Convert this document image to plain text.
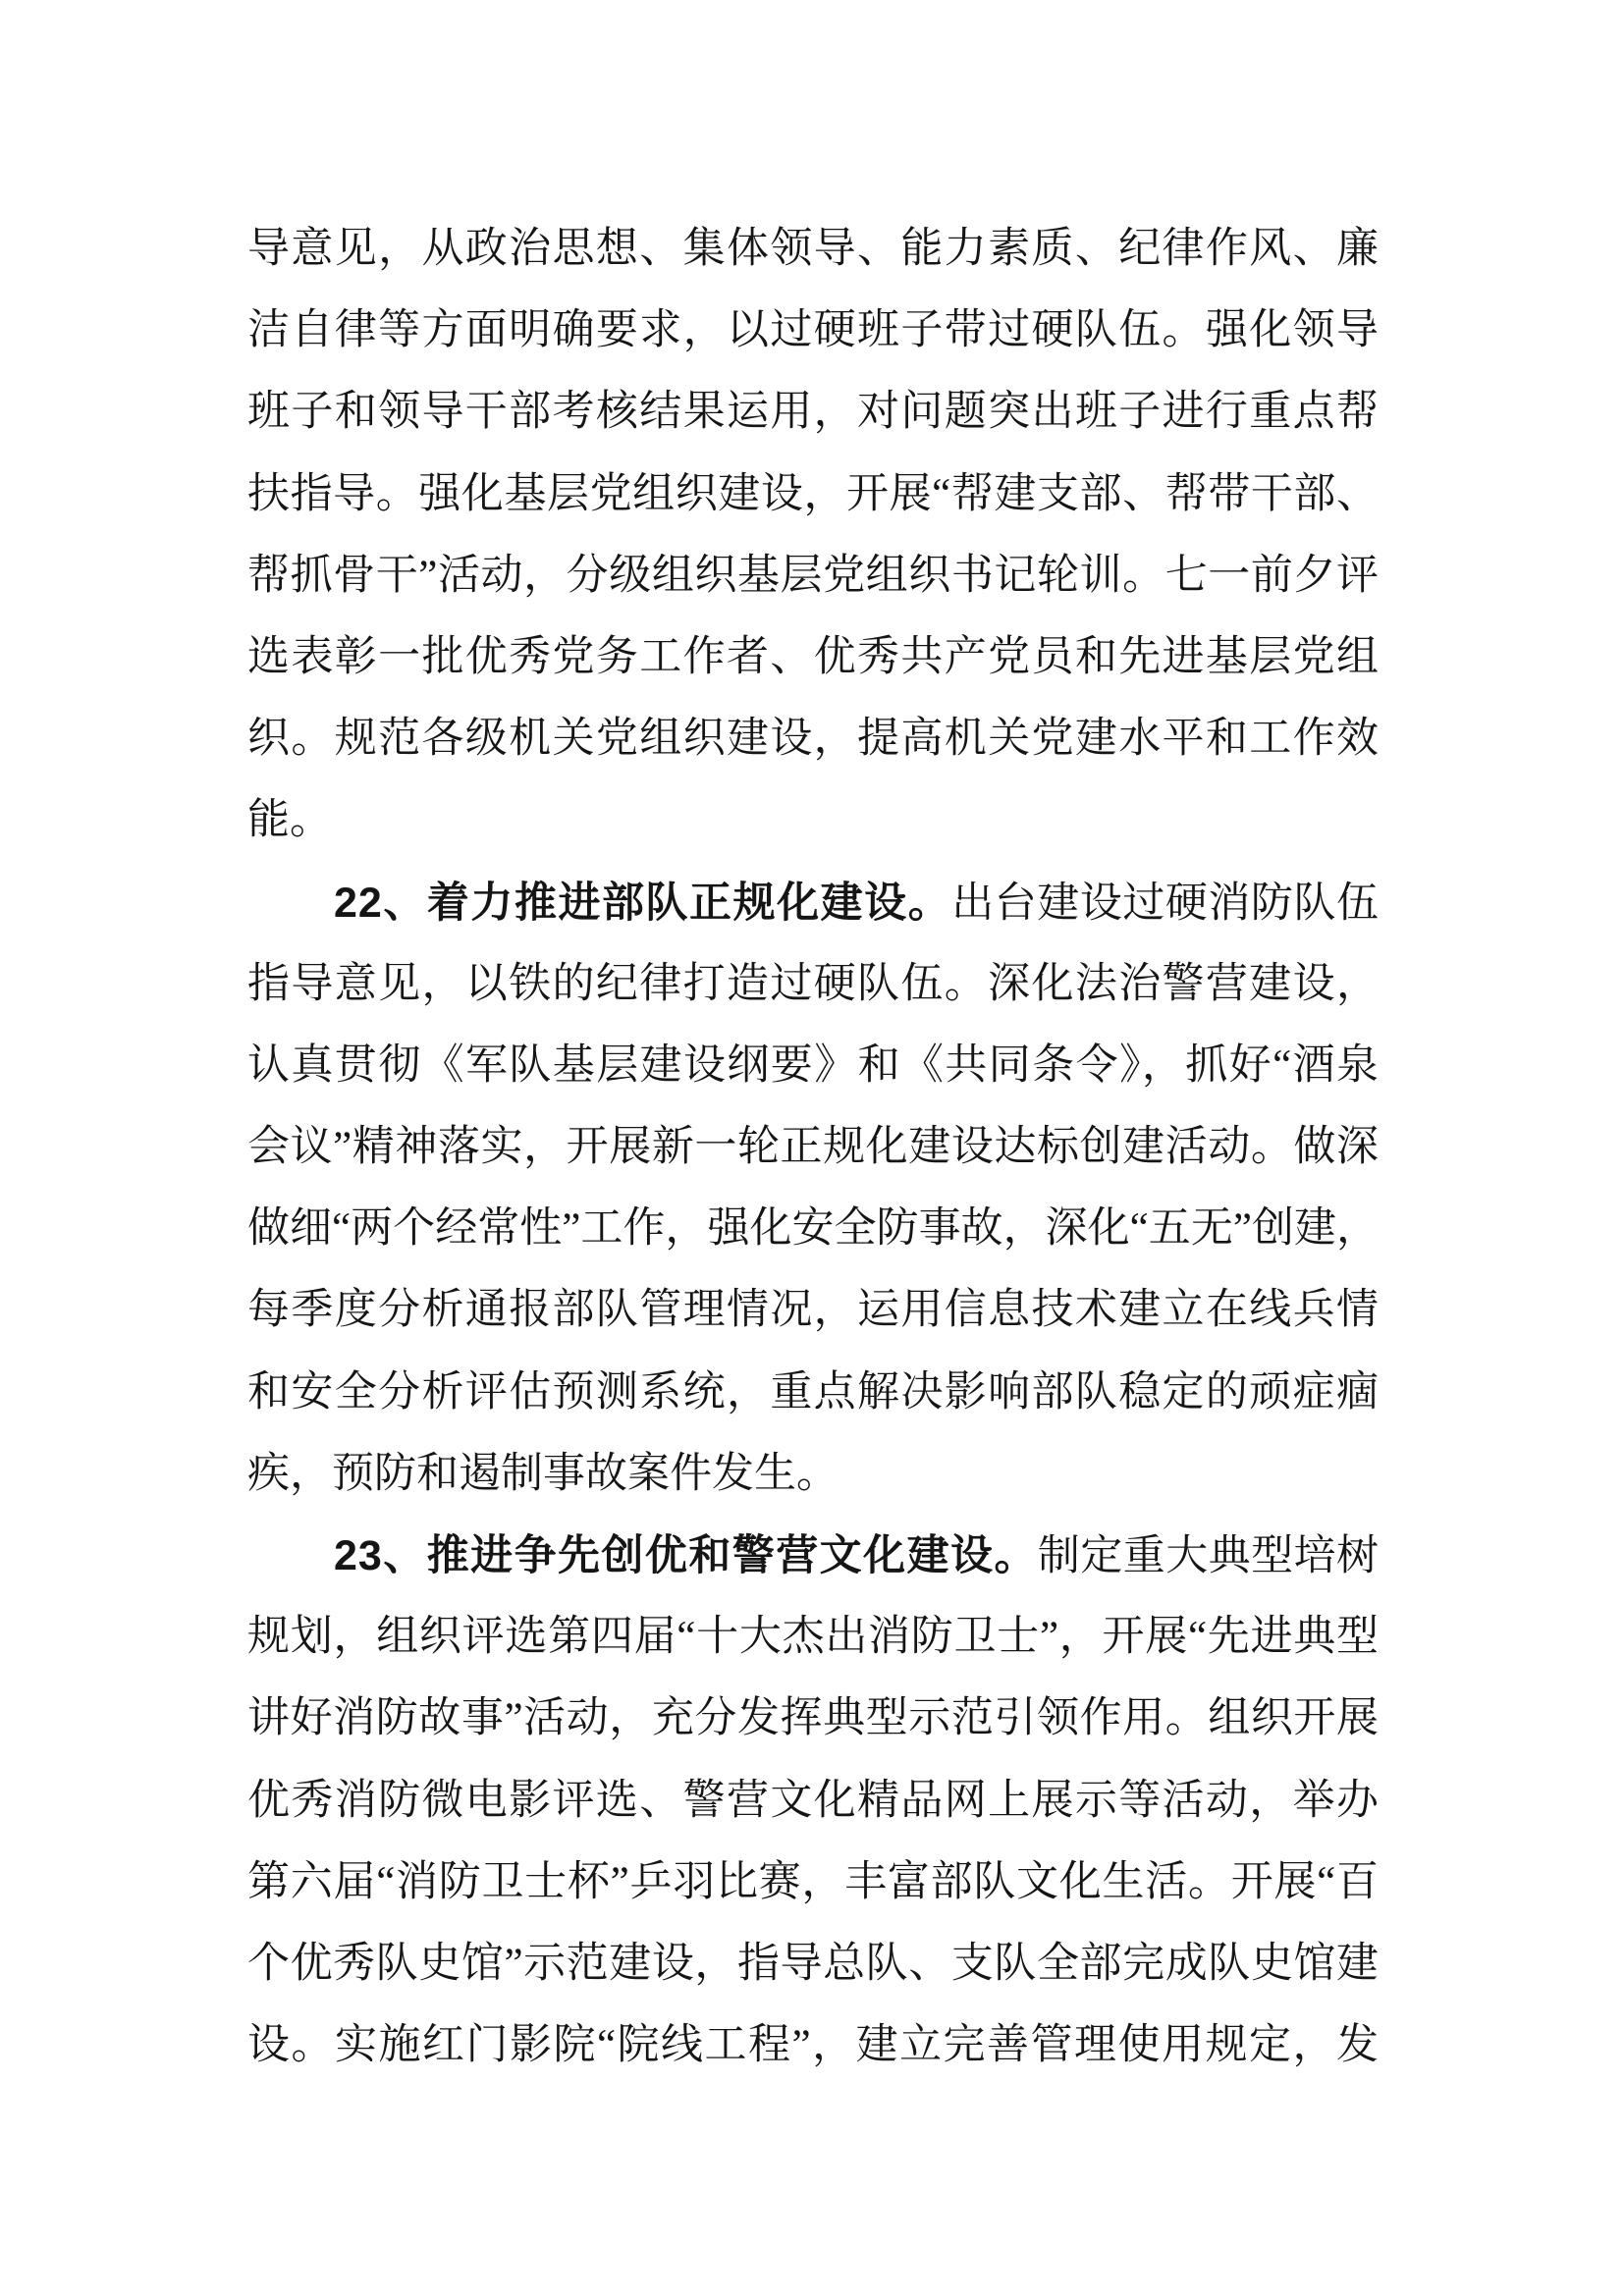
导意见，从政治思想、集体领导、能力素质、纪律作风、廉
洁自律等方面明确要求，以过硬班子带过硬队伍。强化领导
班子和领导干部考核结果运用，对问题突出班子进行重点帮
扶指导。强化基层党组织建设，开展“帮建支部、帮带干部、
帮抓骨干”活动，分级组织基层党组织书记轮训。七一前夕评
选表彰一批优秀党务工作者、优秀共产党员和先进基层党组
织。规范各级机关党组织建设，提高机关党建水平和工作效
能。
22、着力推进部队正规化建设。出台建设过硬消防队伍
指导意见，以铁的纪律打造过硬队伍。深化法治警营建设，
认真贯彻《军队基层建设纲要》和《共同条令》，抓好“酒泉
会议”精神落实，开展新一轮正规化建设达标创建活动。做深
做细“两个经常性”工作，强化安全防事故，深化“五无”创建，
每季度分析通报部队管理情况，运用信息技术建立在线兵情
和安全分析评估预测系统，重点解决影响部队稳定的顽症痼
疾，预防和遏制事故案件发生。
23、推进争先创优和警营文化建设。制定重大典型培树
规划，组织评选第四届“十大杰出消防卫士”，开展“先进典型
讲好消防故事”活动，充分发挥典型示范引领作用。组织开展
优秀消防微电影评选、警营文化精品网上展示等活动，举办
第六届“消防卫士杯”乒羽比赛，丰富部队文化生活。开展“百
个优秀队史馆”示范建设，指导总队、支队全部完成队史馆建
设。实施红门影院“院线工程”，建立完善管理使用规定，发
